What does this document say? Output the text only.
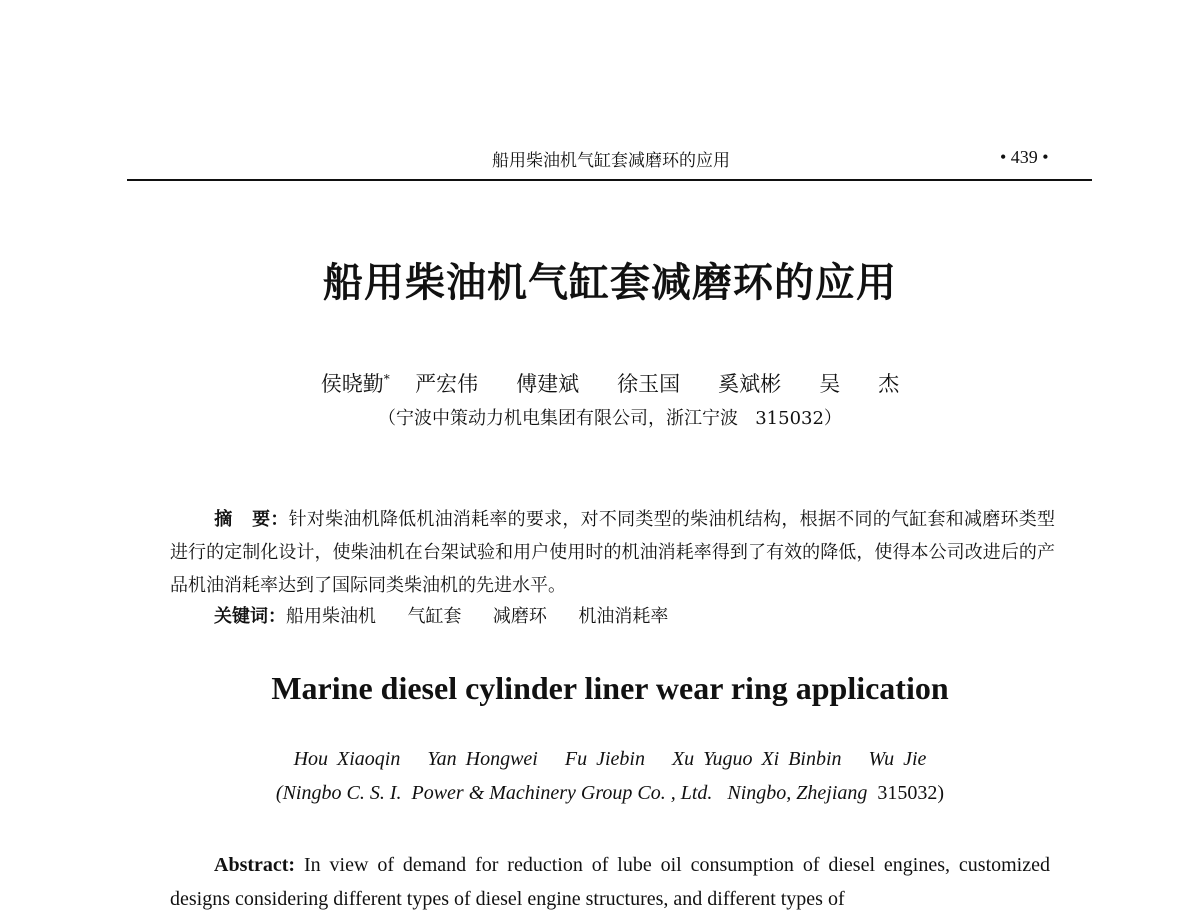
船用柴油机气缸套减磨环的应用	• 439 •
船用柴油机气缸套减磨环的应用
侯晓勤*  严宏伟   傅建斌   徐玉国   奚斌彬   吴   杰
（宁波中策动力机电集团有限公司，浙江宁波   315032）
摘   要：针对柴油机降低机油消耗率的要求，对不同类型的柴油机结构，根据不同的气缸套和减磨环类型进行的定制化设计，使柴油机在台架试验和用户使用时的机油消耗率得到了有效的降低，使得本公司改进后的产品机油消耗率达到了国际同类柴油机的先进水平。
关键词：船用柴油机  气缸套  减磨环  机油消耗率
Marine diesel cylinder liner wear ring application
Hou Xiaoqin   Yan Hongwei   Fu Jiebin   Xu Yuguo Xi Binbin   Wu Jie
(Ningbo C. S. I.  Power & Machinery Group Co. , Ltd.   Ningbo, Zhejiang  315032)
Abstract: In view of demand for reduction of lube oil consumption of diesel engines, customized designs considering different types of diesel engine structures, and different types of
